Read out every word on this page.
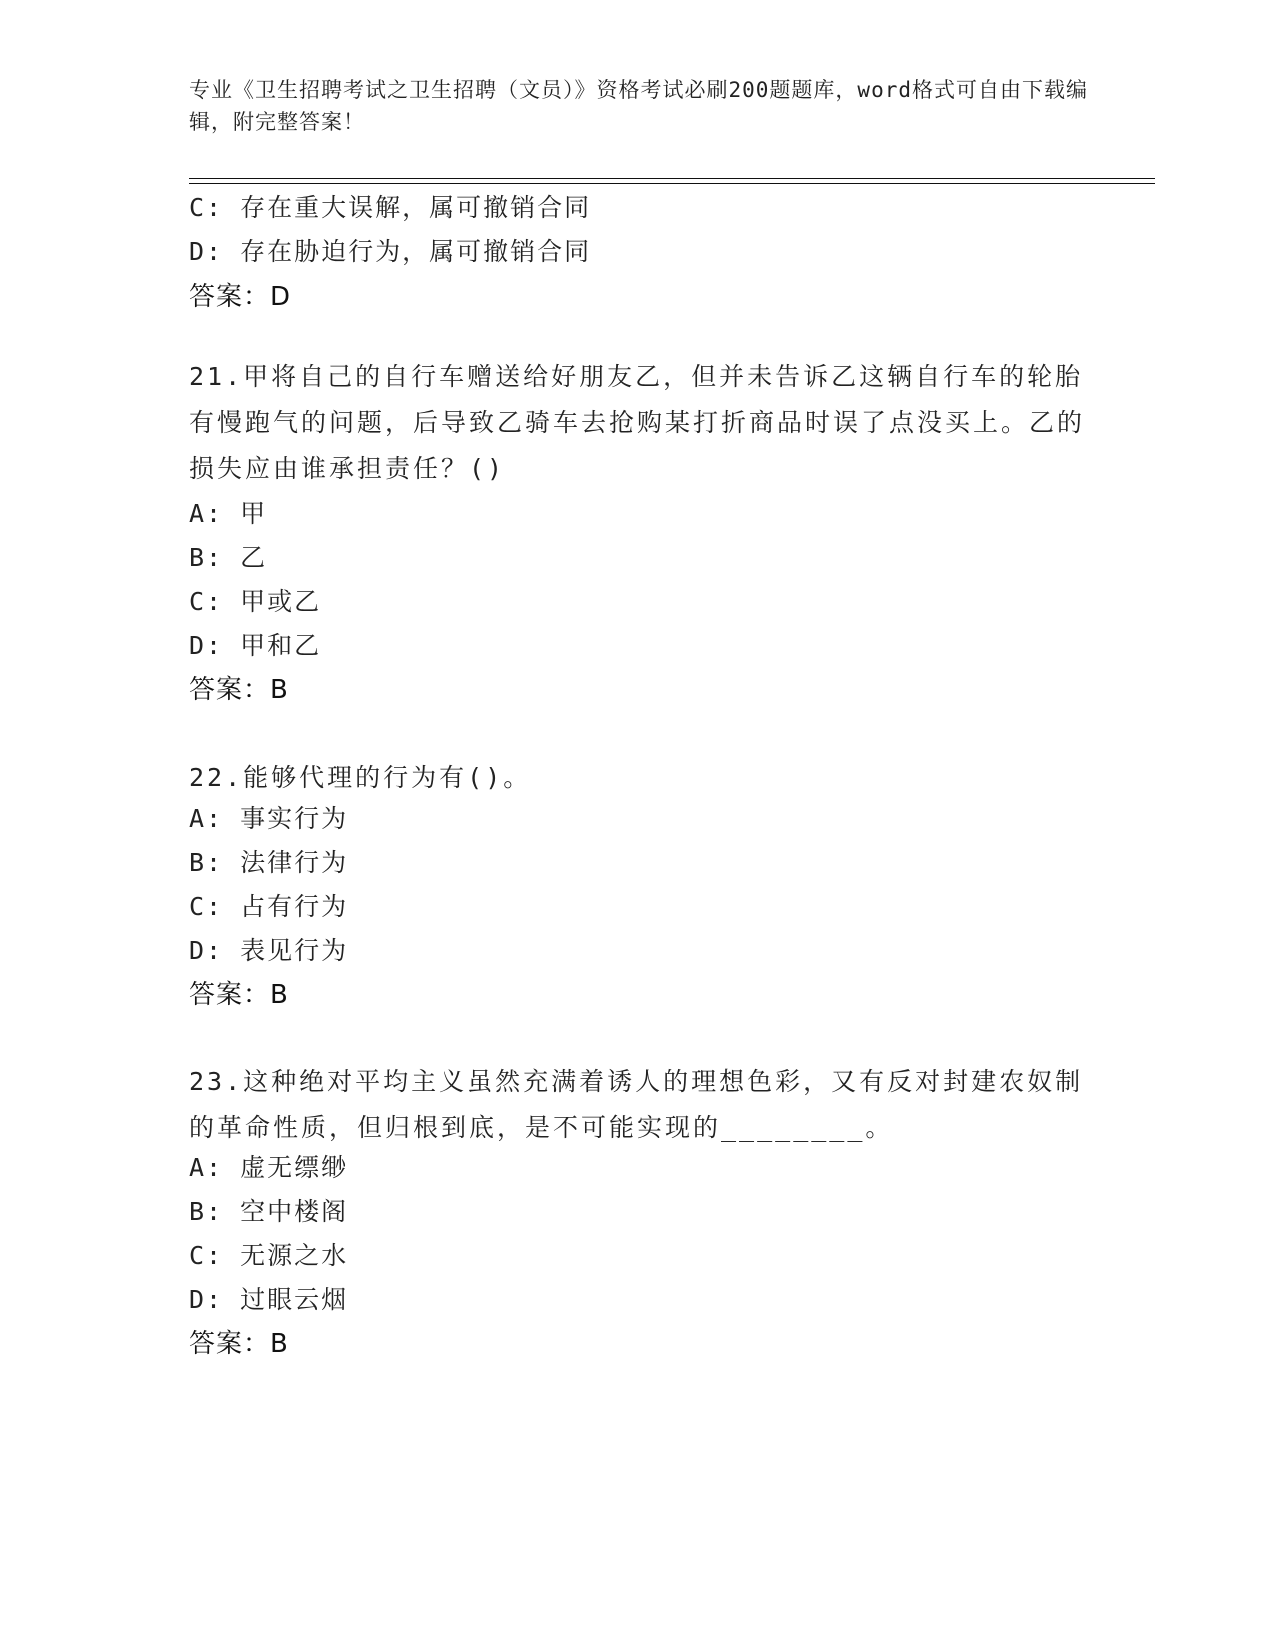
专业《卫生招聘考试之卫生招聘（文员）》资格考试必刷200题题库，word格式可自由下载编辑，附完整答案！
C: 存在重大误解，属可撤销合同
D: 存在胁迫行为，属可撤销合同
答案：D
21.甲将自己的自行车赠送给好朋友乙，但并未告诉乙这辆自行车的轮胎有慢跑气的问题，后导致乙骑车去抢购某打折商品时误了点没买上。乙的损失应由谁承担责任？()
A: 甲
B: 乙
C: 甲或乙
D: 甲和乙
答案：B
22.能够代理的行为有()。
A: 事实行为
B: 法律行为
C: 占有行为
D: 表见行为
答案：B
23.这种绝对平均主义虽然充满着诱人的理想色彩，又有反对封建农奴制的革命性质，但归根到底，是不可能实现的________。
A: 虚无缥缈
B: 空中楼阁
C: 无源之水
D: 过眼云烟
答案：B
